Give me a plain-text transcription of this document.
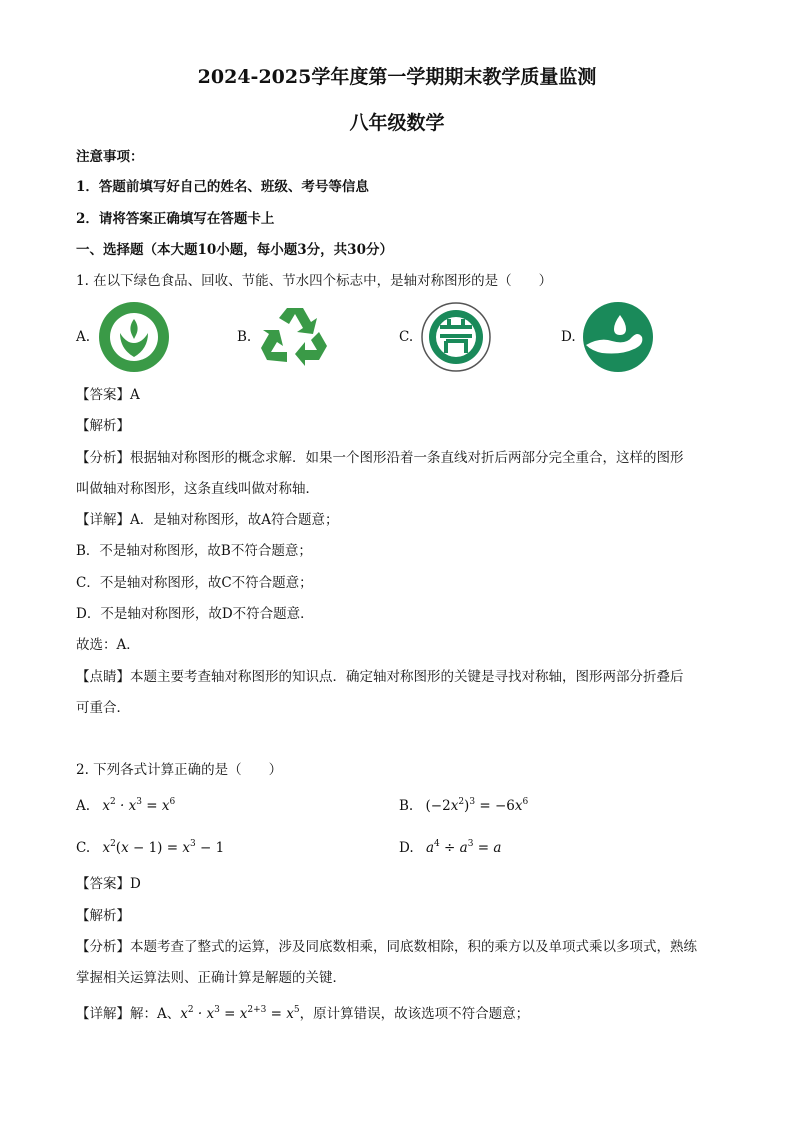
2024-2025学年度第一学期期末教学质量监测
八年级数学
注意事项：
1．答题前填写好自己的姓名、班级、考号等信息
2．请将答案正确填写在答题卡上
一、选择题（本大题10小题，每小题3分，共30分）
1. 在以下绿色食品、回收、节能、节水四个标志中，是轴对称图形的是（　　）
A.	B.	C.	D.
【答案】A
【解析】
【分析】根据轴对称图形的概念求解．如果一个图形沿着一条直线对折后两部分完全重合，这样的图形
叫做轴对称图形，这条直线叫做对称轴．
【详解】A．是轴对称图形，故A符合题意；
B．不是轴对称图形，故B不符合题意；
C．不是轴对称图形，故C不符合题意；
D．不是轴对称图形，故D不符合题意．
故选：A．
【点睛】本题主要考查轴对称图形的知识点．确定轴对称图形的关键是寻找对称轴，图形两部分折叠后
可重合．
2. 下列各式计算正确的是（　　）
A. $x^2 \cdot x^3 = x^6$	B. $(-2x^2)^3 = -6x^6$
C. $x^2(x - 1) = x^3 - 1$	D. $a^4 \div a^3 = a$
【答案】D
【解析】
【分析】本题考查了整式的运算，涉及同底数相乘，同底数相除，积的乘方以及单项式乘以多项式，熟练
掌握相关运算法则、正确计算是解题的关键．
【详解】解：A、$x^2 \cdot x^3 = x^{2+3} = x^5$，原计算错误，故该选项不符合题意；
